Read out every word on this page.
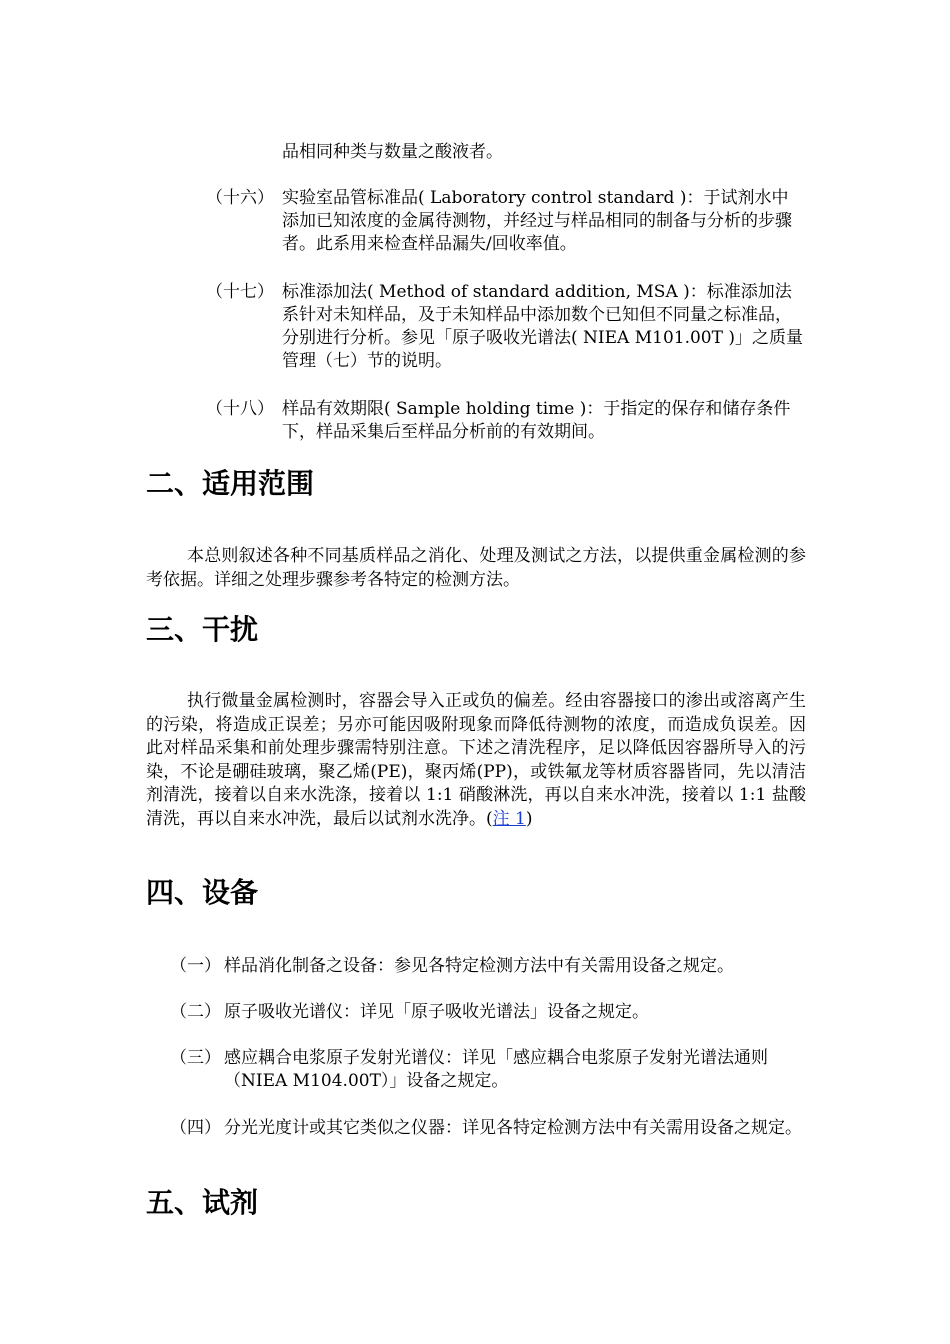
品相同种类与数量之酸液者。

（十六） 实验室品管标准品( Laboratory control standard )：于试剂水中添加已知浓度的金属待测物，并经过与样品相同的制备与分析的步骤者。此系用来检查样品漏失/回收率值。
（十七） 标准添加法( Method of standard addition, MSA )：标准添加法系针对未知样品，及于未知样品中添加数个已知但不同量之标准品，分别进行分析。参见「原子吸收光谱法( NIEA M101.00T )」之质量管理（七）节的说明。
（十八） 样品有效期限( Sample holding time )：于指定的保存和储存条件下，样品采集后至样品分析前的有效期间。
二、适用范围

本总则叙述各种不同基质样品之消化、处理及测试之方法，以提供重金属检测的参考依据。详细之处理步骤参考各特定的检测方法。

三、干扰

执行微量金属检测时，容器会导入正或负的偏差。经由容器接口的渗出或溶离产生的污染，将造成正误差；另亦可能因吸附现象而降低待测物的浓度，而造成负误差。因此对样品采集和前处理步骤需特别注意。下述之清洗程序，足以降低因容器所导入的污染，不论是硼硅玻璃，聚乙烯(PE)，聚丙烯(PP)，或铁氟龙等材质容器皆同，先以清洁剂清洗，接着以自来水洗涤，接着以 1:1 硝酸淋洗，再以自来水冲洗，接着以 1:1 盐酸清洗，再以自来水冲洗，最后以试剂水洗净。(注 1)

四、设备
（一） 样品消化制备之设备：参见各特定检测方法中有关需用设备之规定。
（二） 原子吸收光谱仪：详见「原子吸收光谱法」设备之规定。
（三） 感应耦合电浆原子发射光谱仪：详见「感应耦合电浆原子发射光谱法通则（NIEA M104.00T）」设备之规定。
（四） 分光光度计或其它类似之仪器：详见各特定检测方法中有关需用设备之规定。
五、试剂
